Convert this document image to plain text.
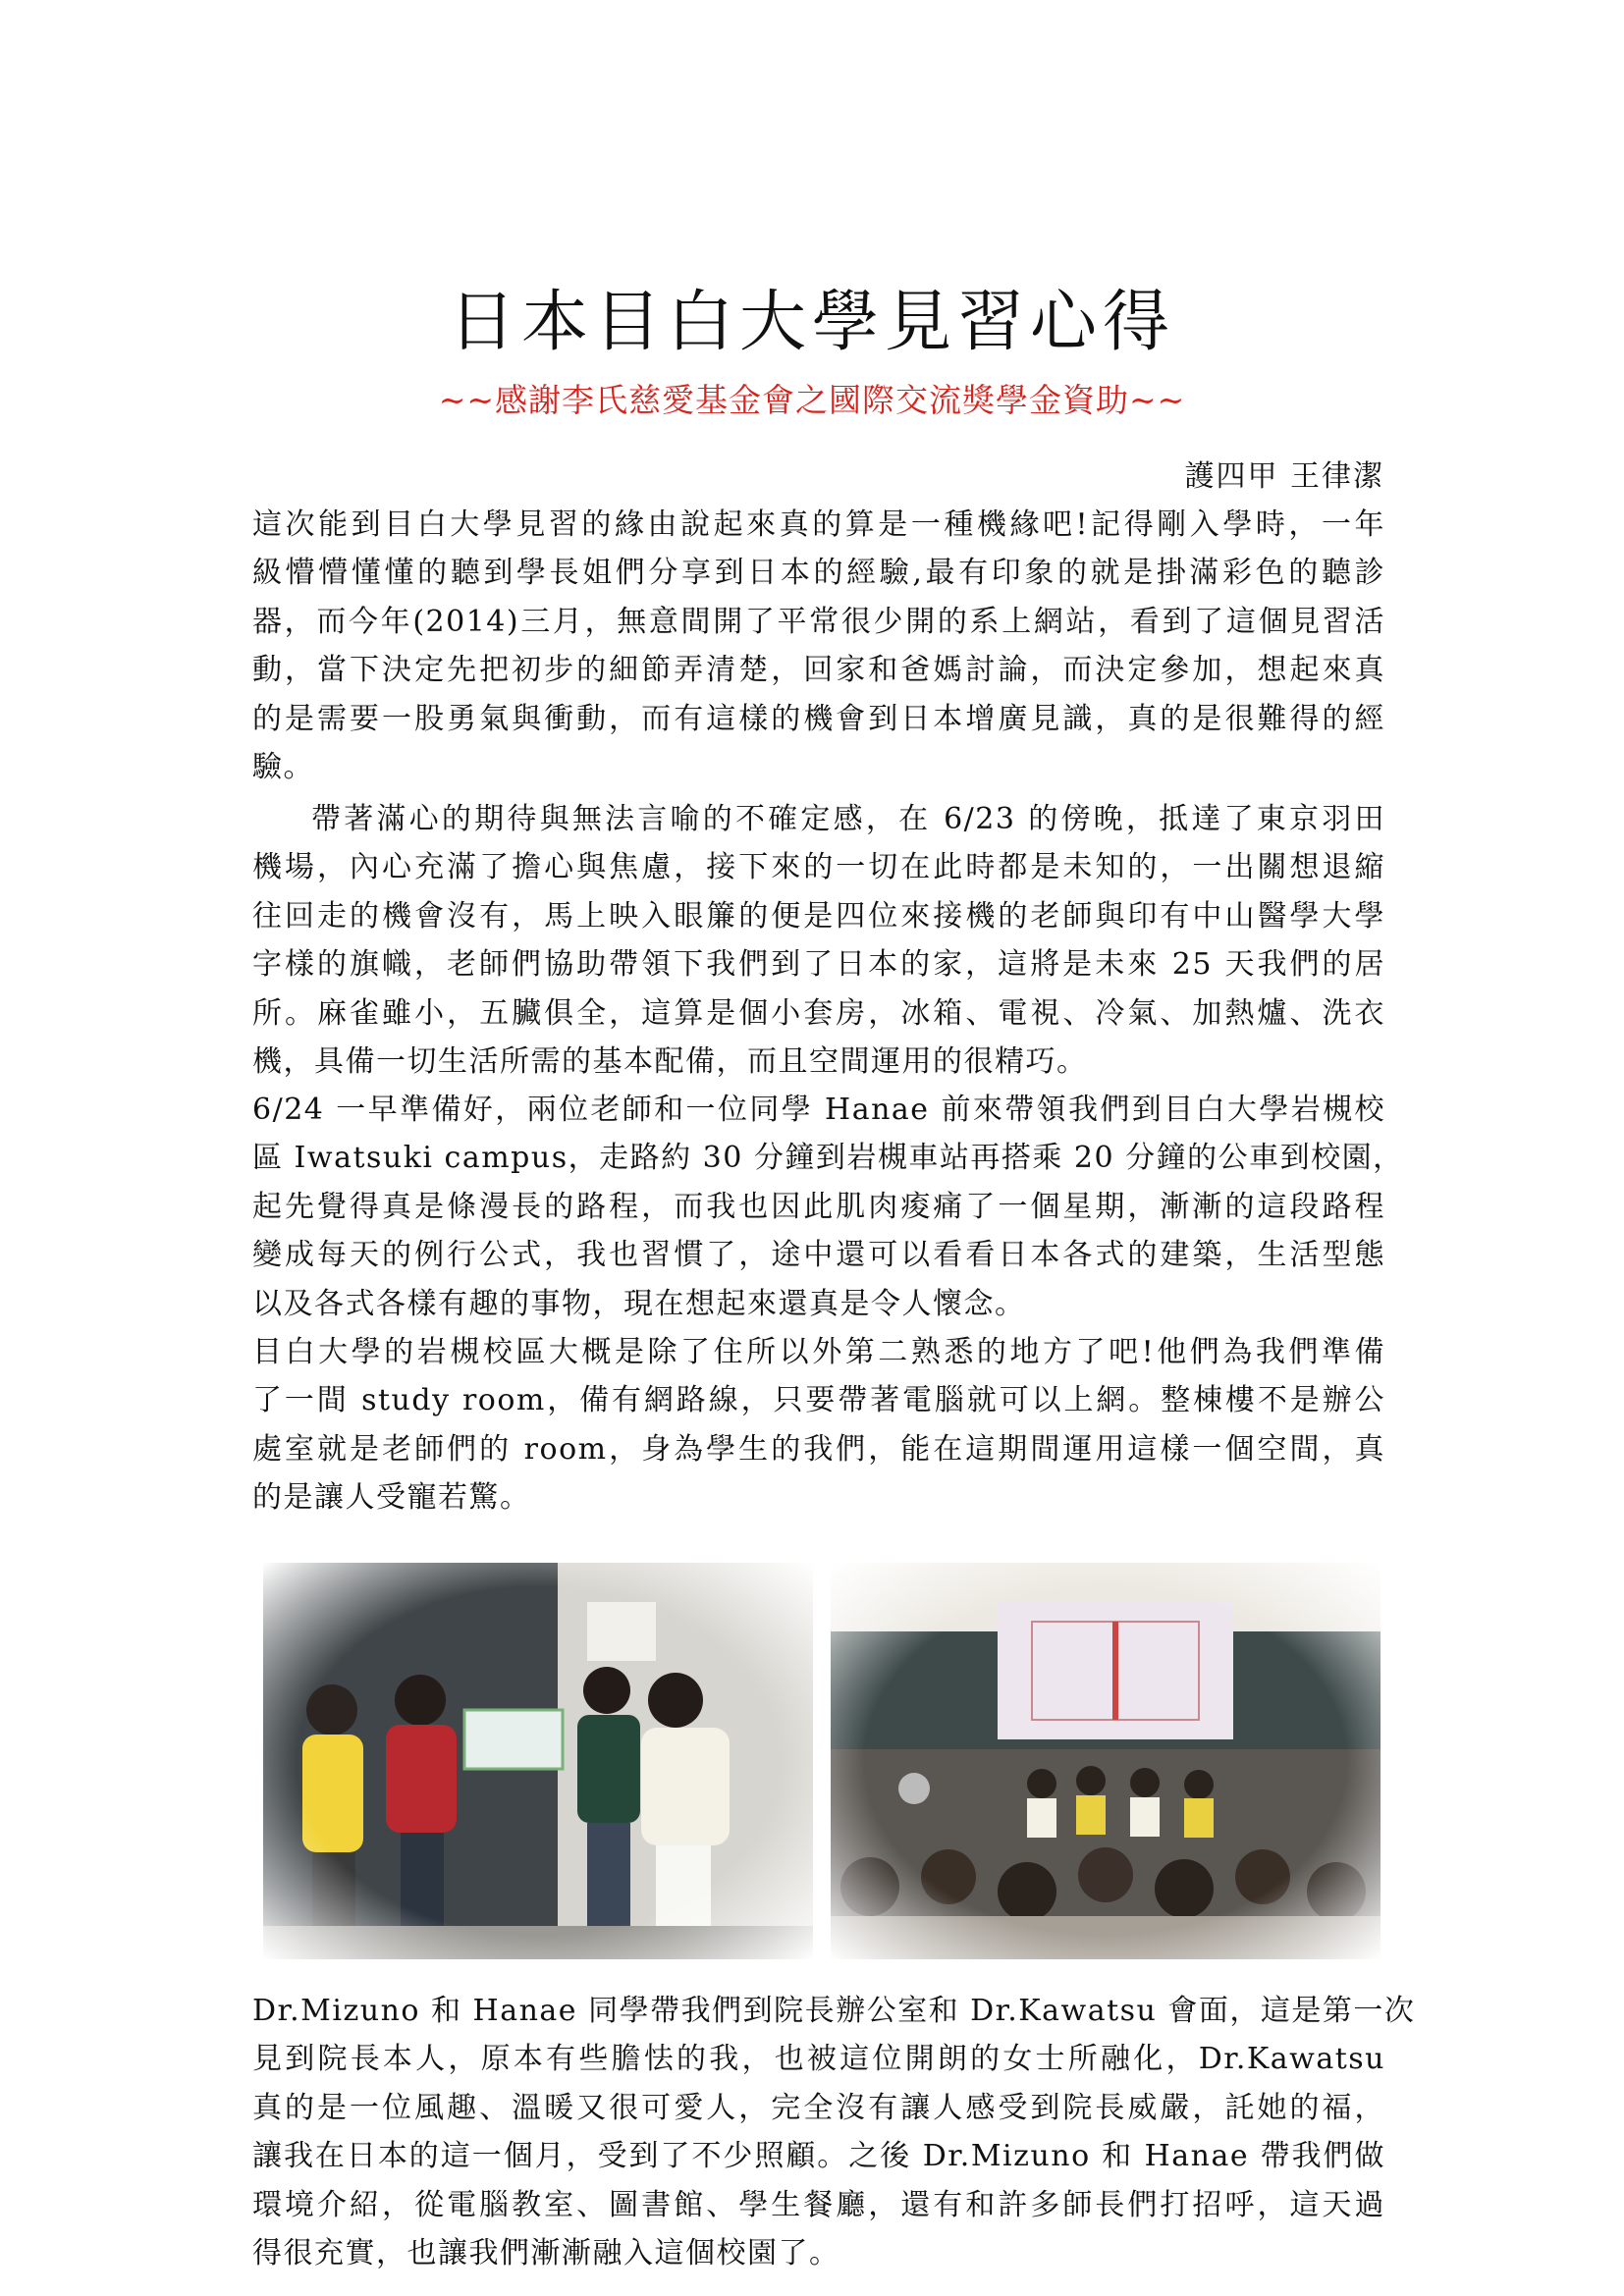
日本目白大學見習心得
~~感謝李氏慈愛基金會之國際交流獎學金資助~~
護四甲 王律潔
這次能到目白大學見習的緣由說起來真的算是一種機緣吧!記得剛入學時，一年
級懵懵懂懂的聽到學長姐們分享到日本的經驗,最有印象的就是掛滿彩色的聽診
器，而今年(2014)三月，無意間開了平常很少開的系上網站，看到了這個見習活
動，當下決定先把初步的細節弄清楚，回家和爸媽討論，而決定參加，想起來真
的是需要一股勇氣與衝動，而有這樣的機會到日本增廣見識，真的是很難得的經
驗。
帶著滿心的期待與無法言喻的不確定感，在 6/23 的傍晚，抵達了東京羽田
機場，內心充滿了擔心與焦慮，接下來的一切在此時都是未知的，一出關想退縮
往回走的機會沒有，馬上映入眼簾的便是四位來接機的老師與印有中山醫學大學
字樣的旗幟，老師們協助帶領下我們到了日本的家，這將是未來 25 天我們的居
所。麻雀雖小，五臟俱全，這算是個小套房，冰箱、電視、冷氣、加熱爐、洗衣
機，具備一切生活所需的基本配備，而且空間運用的很精巧。
6/24 一早準備好，兩位老師和一位同學 Hanae 前來帶領我們到目白大學岩槻校
區 Iwatsuki campus，走路約 30 分鐘到岩槻車站再搭乘 20 分鐘的公車到校園，
起先覺得真是條漫長的路程，而我也因此肌肉痠痛了一個星期，漸漸的這段路程
變成每天的例行公式，我也習慣了，途中還可以看看日本各式的建築，生活型態
以及各式各樣有趣的事物，現在想起來還真是令人懷念。
目白大學的岩槻校區大概是除了住所以外第二熟悉的地方了吧!他們為我們準備
了一間 study room，備有網路線，只要帶著電腦就可以上網。整棟樓不是辦公
處室就是老師們的 room，身為學生的我們，能在這期間運用這樣一個空間，真
的是讓人受寵若驚。
Dr.Mizuno 和 Hanae 同學帶我們到院長辦公室和 Dr.Kawatsu 會面，這是第一次
見到院長本人，原本有些膽怯的我，也被這位開朗的女士所融化，Dr.Kawatsu
真的是一位風趣、溫暖又很可愛人，完全沒有讓人感受到院長威嚴，託她的福，
讓我在日本的這一個月，受到了不少照顧。之後 Dr.Mizuno 和 Hanae 帶我們做
環境介紹，從電腦教室、圖書館、學生餐廳，還有和許多師長們打招呼，這天過
得很充實，也讓我們漸漸融入這個校園了。
